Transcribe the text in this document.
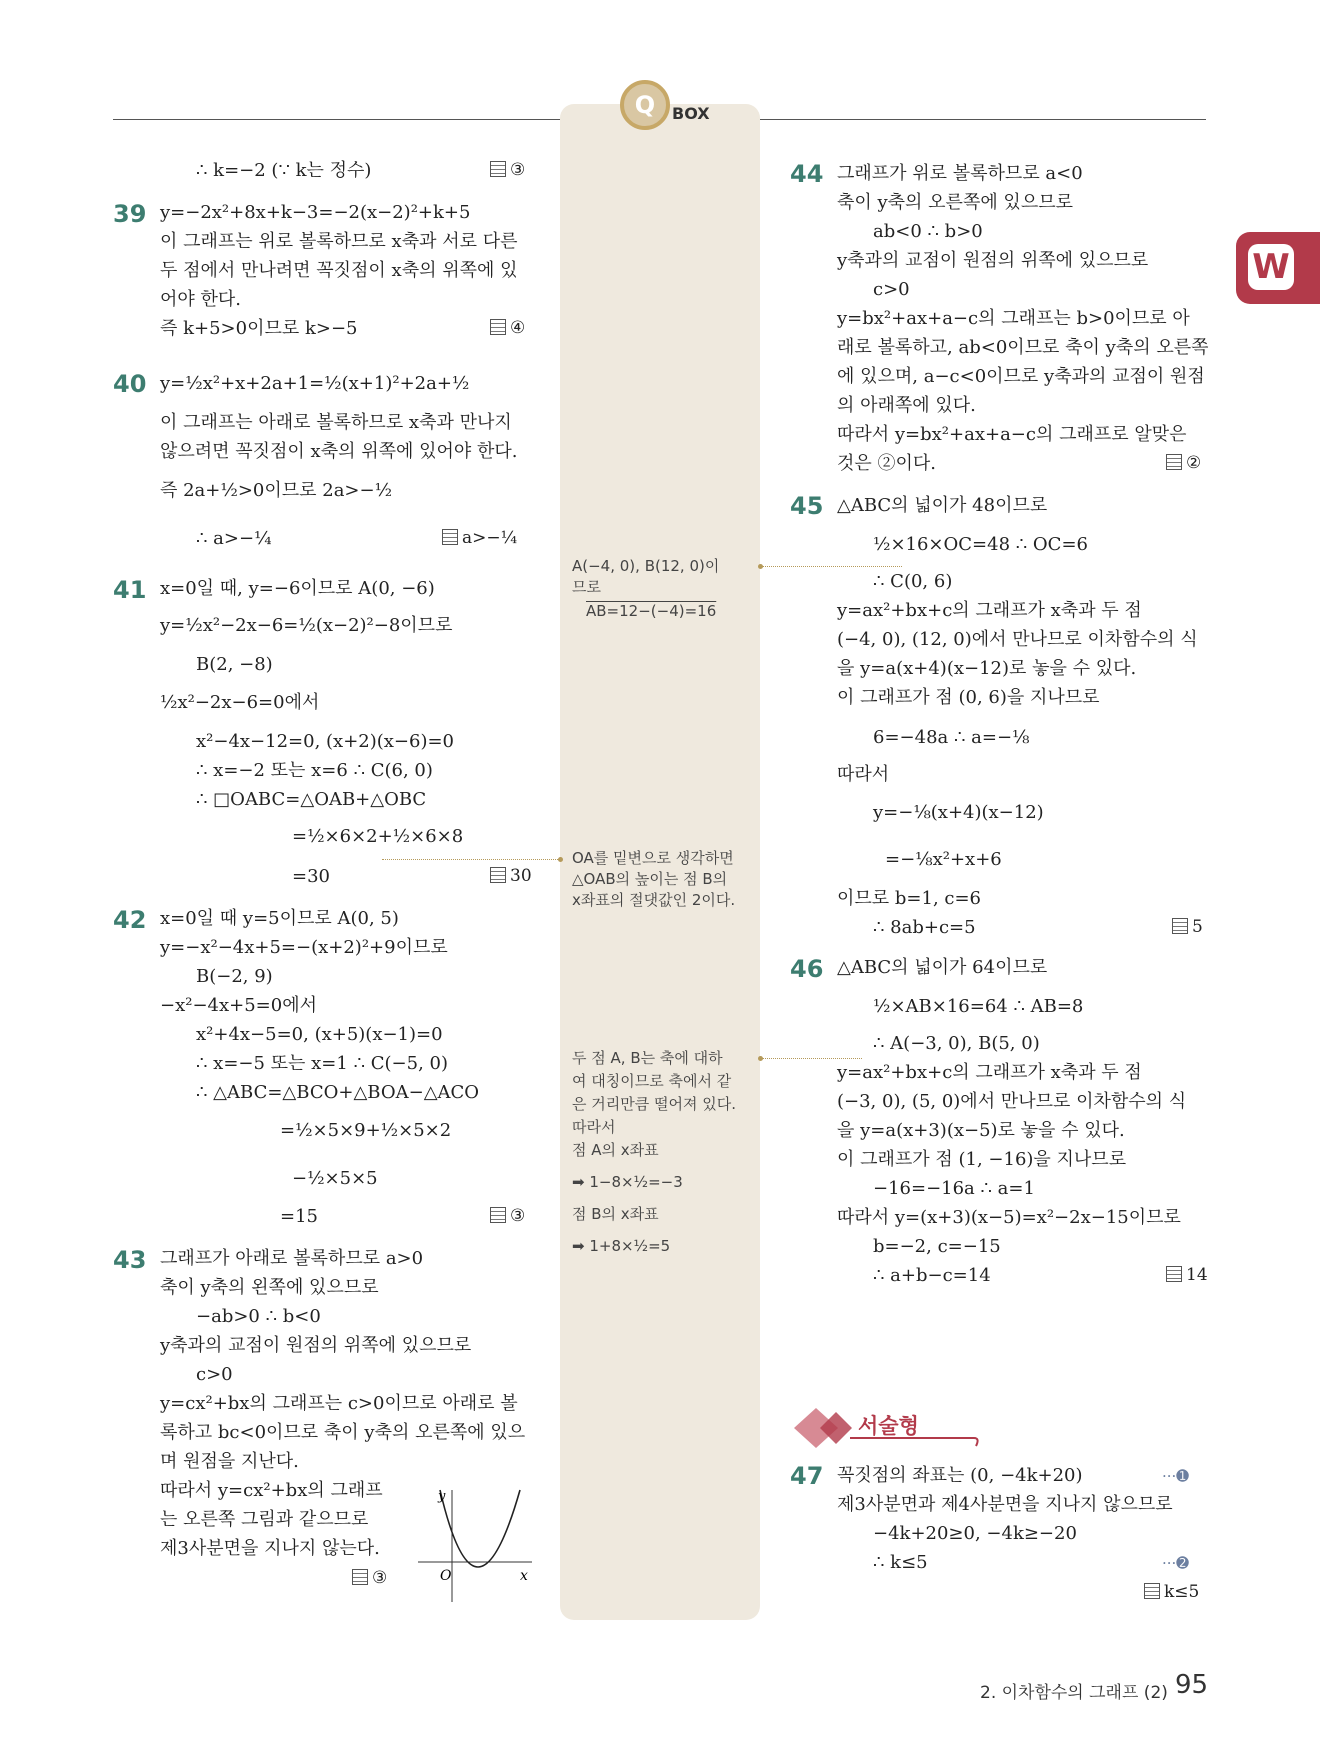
Q	BOX
W
∴ k=−2 (∵ k는 정수)	③
39 y=−2x²+8x+k−3=−2(x−2)²+k+5
이 그래프는 위로 볼록하므로 x축과 서로 다른
두 점에서 만나려면 꼭짓점이 x축의 위쪽에 있
어야 한다.
즉 k+5>0이므로 k>−5	④
40 y=½x²+x+2a+1=½(x+1)²+2a+½
이 그래프는 아래로 볼록하므로 x축과 만나지
않으려면 꼭짓점이 x축의 위쪽에 있어야 한다.
즉 2a+½>0이므로 2a>−½
∴ a>−¼	a>−¼
41 x=0일 때, y=−6이므로 A(0, −6)
y=½x²−2x−6=½(x−2)²−8이므로
B(2, −8)
½x²−2x−6=0에서
x²−4x−12=0, (x+2)(x−6)=0
∴ x=−2 또는 x=6 ∴ C(6, 0)
∴ □OABC=△OAB+△OBC
=½×6×2+½×6×8
=30	30
42 x=0일 때 y=5이므로 A(0, 5)
y=−x²−4x+5=−(x+2)²+9이므로
B(−2, 9)
−x²−4x+5=0에서
x²+4x−5=0, (x+5)(x−1)=0
∴ x=−5 또는 x=1 ∴ C(−5, 0)
∴ △ABC=△BCO+△BOA−△ACO
=½×5×9+½×5×2
−½×5×5
=15	③
43 그래프가 아래로 볼록하므로 a>0
축이 y축의 왼쪽에 있으므로
−ab>0 ∴ b<0
y축과의 교점이 원점의 위쪽에 있으므로
c>0
y=cx²+bx의 그래프는 c>0이므로 아래로 볼
록하고 bc<0이므로 축이 y축의 오른쪽에 있으
며 원점을 지난다.
따라서 y=cx²+bx의 그래프
는 오른쪽 그림과 같으므로
제3사분면을 지나지 않는다.
③	O	x
y
A(−4, 0), B(12, 0)이
므로
AB=12−(−4)=16
OA를 밑변으로 생각하면
△OAB의 높이는 점 B의
x좌표의 절댓값인 2이다.
두 점 A, B는 축에 대하
여 대칭이므로 축에서 같
은 거리만큼 떨어져 있다.
따라서
점 A의 x좌표
➡ 1−8×½=−3
점 B의 x좌표
➡ 1+8×½=5
44 그래프가 위로 볼록하므로 a<0
축이 y축의 오른쪽에 있으므로
ab<0 ∴ b>0
y축과의 교점이 원점의 위쪽에 있으므로
c>0
y=bx²+ax+a−c의 그래프는 b>0이므로 아
래로 볼록하고, ab<0이므로 축이 y축의 오른쪽
에 있으며, a−c<0이므로 y축과의 교점이 원점
의 아래쪽에 있다.
따라서 y=bx²+ax+a−c의 그래프로 알맞은
것은 ②이다.	②
45 △ABC의 넓이가 48이므로
½×16×OC=48 ∴ OC=6
∴ C(0, 6)
y=ax²+bx+c의 그래프가 x축과 두 점
(−4, 0), (12, 0)에서 만나므로 이차함수의 식
을 y=a(x+4)(x−12)로 놓을 수 있다.
이 그래프가 점 (0, 6)을 지나므로
6=−48a ∴ a=−⅛
따라서
y=−⅛(x+4)(x−12)
=−⅛x²+x+6
이므로 b=1, c=6
∴ 8ab+c=5	5
46 △ABC의 넓이가 64이므로
½×AB×16=64 ∴ AB=8
∴ A(−3, 0), B(5, 0)
y=ax²+bx+c의 그래프가 x축과 두 점
(−3, 0), (5, 0)에서 만나므로 이차함수의 식
을 y=a(x+3)(x−5)로 놓을 수 있다.
이 그래프가 점 (1, −16)을 지나므로
−16=−16a ∴ a=1
따라서 y=(x+3)(x−5)=x²−2x−15이므로
b=−2, c=−15
∴ a+b−c=14	14
서술형
47 꼭짓점의 좌표는 (0, −4k+20)	···➊
제3사분면과 제4사분면을 지나지 않으므로
−4k+20≥0, −4k≥−20
∴ k≤5	···➋
k≤5
2. 이차함수의 그래프 (2) 95
